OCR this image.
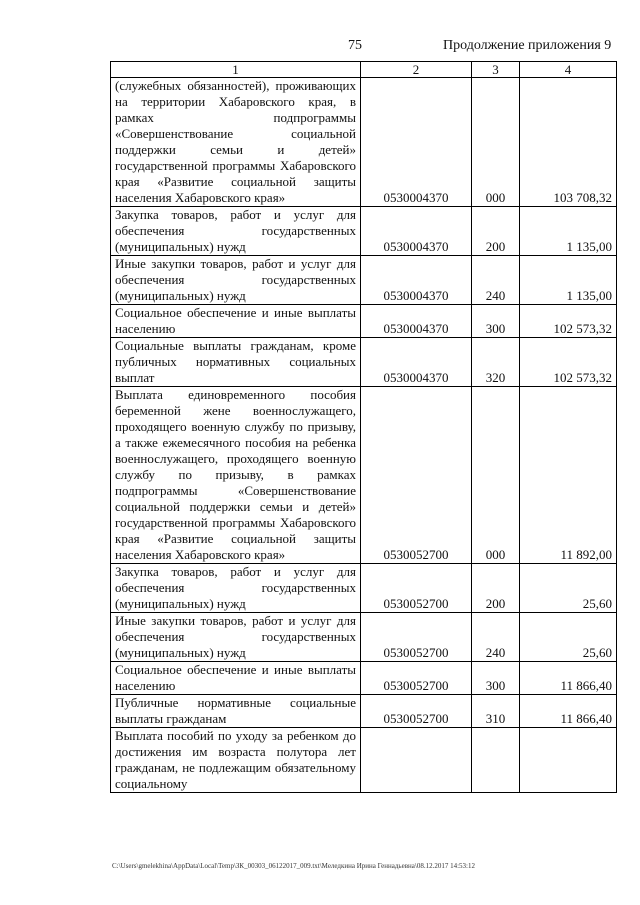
75	Продолжение приложения 9
1	2	3	4
(служебных обязанностей), проживающих на территории Хабаровского края, в рамках подпрограммы «Совершенствование социальной поддержки семьи и детей» государственной программы Хабаровского края «Развитие социальной защиты населения Хабаровского края»	0530004370	000	103 708,32
Закупка товаров, работ и услуг для обеспечения государственных (муниципальных) нужд	0530004370	200	1 135,00
Иные закупки товаров, работ и услуг для обеспечения государственных (муниципальных) нужд	0530004370	240	1 135,00
Социальное обеспечение и иные выплаты населению	0530004370	300	102 573,32
Социальные выплаты гражданам, кроме публичных нормативных социальных выплат	0530004370	320	102 573,32
Выплата единовременного пособия беременной жене военнослужащего, проходящего военную службу по призыву, а также ежемесячного пособия на ребенка военнослужащего, проходящего военную службу по призыву, в рамках подпрограммы «Совершенствование социальной поддержки семьи и детей» государственной программы Хабаровского края «Развитие социальной защиты населения Хабаровского края»	0530052700	000	11 892,00
Закупка товаров, работ и услуг для обеспечения государственных (муниципальных) нужд	0530052700	200	25,60
Иные закупки товаров, работ и услуг для обеспечения государственных (муниципальных) нужд	0530052700	240	25,60
Социальное обеспечение и иные выплаты населению	0530052700	300	11 866,40
Публичные нормативные социальные выплаты гражданам	0530052700	310	11 866,40
Выплата пособий по уходу за ребенком до достижения им возраста полутора лет гражданам, не подлежащим обязательному социальному			
C:\Users\gmelekhina\AppData\Local\Temp\ЗК_00303_06122017_009.txt\Меледкина Ирина Геннадьевна\08.12.2017 14:53:12
